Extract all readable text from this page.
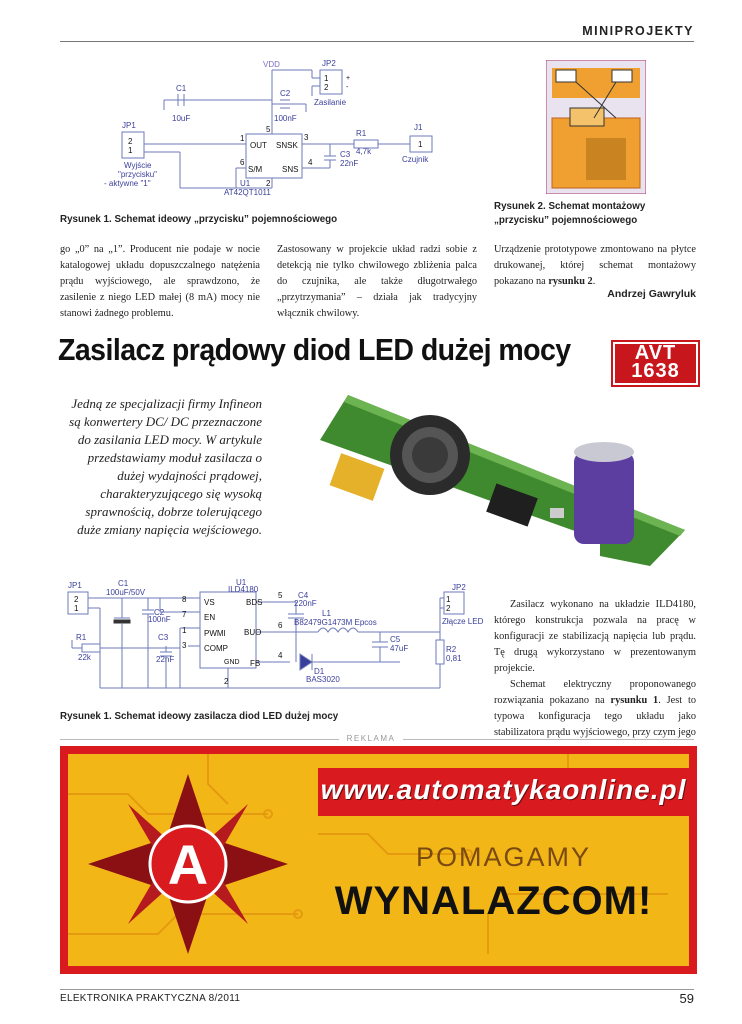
MINIPROJEKTY
VDD	JP2
1
2
+
-
Zasilanie
C1
10uF
C2
100nF
JP1
2
1
OUT SNSK
S/M SNS
1
6
3
4
5
2
R1
4,7k
C3
22nF
J1
1
Czujnik
U1
AT42QT1011
Wyjście
"przycisku"
- aktywne "1"
Rysunek 1. Schemat ideowy „przycisku” pojemnościowego
Rysunek 2. Schemat montażowy
„przycisku” pojemnościowego
go „0” na „1”. Producent nie podaje w nocie katalogowej układu dopuszczalnego natężenia prądu wyjściowego, ale sprawdzono, że zasilenie z niego LED małej (8 mA) mocy nie stanowi żadnego problemu.
Zastosowany w projekcie układ radzi sobie z detekcją nie tylko chwilowego zbliżenia palca do czujnika, ale także długotrwałego „przytrzymania” – działa jak tradycyjny włącznik chwilowy.
Urządzenie prototypowe zmontowano na płytce drukowanej, której schemat montażowy pokazano na rysunku 2.
Andrzej Gawryluk
Zasilacz prądowy diod LED dużej mocy	AVT
1638
Jedną ze specjalizacji firmy Infineon są konwertery DC/ DC przeznaczone do zasilania LED mocy. W artykule przedstawiamy moduł zasilacza o dużej wydajności prądowej, charakteryzującego się wysoką sprawnością, dobrze tolerującego duże zmiany napięcia wejściowego.
JP1
2
1
C1
100uF/50V
U1
ILD4180	JP2
C2
100nF
VS
EN
PWMI
COMP
BDS
BUO
FB
GND
8
7
1
3
5
6
4
2
C4
220nF
L1
B82479G1473M Epcos
C5
47uF
D1
BAS3020
R1
22k
C3
22nF
R2
0,81
1
2
Złącze LED
Rysunek 1. Schemat ideowy zasilacza diod LED dużej mocy
Zasilacz wykonano na układzie ILD4180, którego konstrukcja pozwala na pracę w konfiguracji ze stabilizacją napięcia lub prądu. Tę drugą wykorzystano w prezentowanym projekcie.
Schemat elektryczny proponowanego rozwiązania pokazano na rysunku 1. Jest to typowa konfiguracja tego układu jako stabilizatora prądu wyjściowego, przy czym jego
REKLAMA
A
www.automatykaonline.pl
POMAGAMY
WYNALAZCOM!
ELEKTRONIKA PRAKTYCZNA 8/2011	59
